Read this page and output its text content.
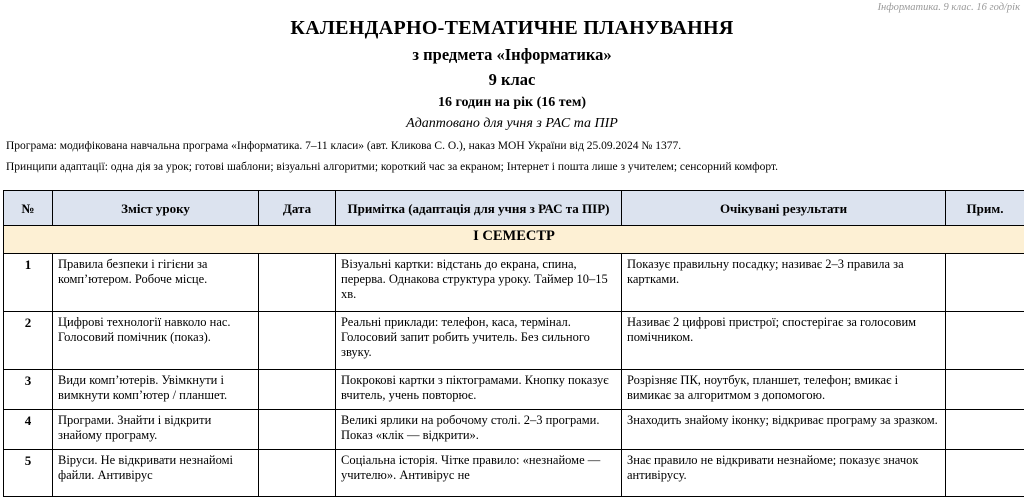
Інформатика. 9 клас. 16 год/рік
КАЛЕНДАРНО-ТЕМАТИЧНЕ ПЛАНУВАННЯ
з предмета «Інформатика»
9 клас
16 годин на рік (16 тем)
Адаптовано для учня з РАС та ПІР
Програма: модифікована навчальна програма «Інформатика. 7–11 класи» (авт. Кликова С. О.), наказ МОН України від 25.09.2024 № 1377.
Принципи адаптації: одна дія за урок; готові шаблони; візуальні алгоритми; короткий час за екраном; Інтернет і пошта лише з учителем; сенсорний комфорт.
№	Зміст уроку	Дата	Примітка (адаптація для учня з РАС та ПІР)	Очікувані результати	Прим.
І СЕМЕСТР					
1	Правила безпеки і гігієни за комп’ютером. Робоче місце.		Візуальні картки: відстань до екрана, спина, перерва. Однакова структура уроку. Таймер 10–15 хв.	Показує правильну посадку; називає 2–3 правила за картками.	
2	Цифрові технології навколо нас. Голосовий помічник (показ).		Реальні приклади: телефон, каса, термінал. Голосовий запит робить учитель. Без сильного звуку.	Називає 2 цифрові пристрої; спостерігає за голосовим помічником.	
3	Види комп’ютерів. Увімкнути і вимкнути комп’ютер / планшет.		Покрокові картки з піктограмами. Кнопку показує вчитель, учень повторює.	Розрізняє ПК, ноутбук, планшет, телефон; вмикає і вимикає за алгоритмом з допомогою.	
4	Програми. Знайти і відкрити знайому програму.		Великі ярлики на робочому столі. 2–3 програми. Показ «клік — відкрити».	Знаходить знайому іконку; відкриває програму за зразком.	
5	Віруси. Не відкривати незнайомі файли. Антивірус		Соціальна історія. Чітке правило: «незнайоме — учителю». Антивірус не	Знає правило не відкривати незнайоме; показує значок антивірусу.	
